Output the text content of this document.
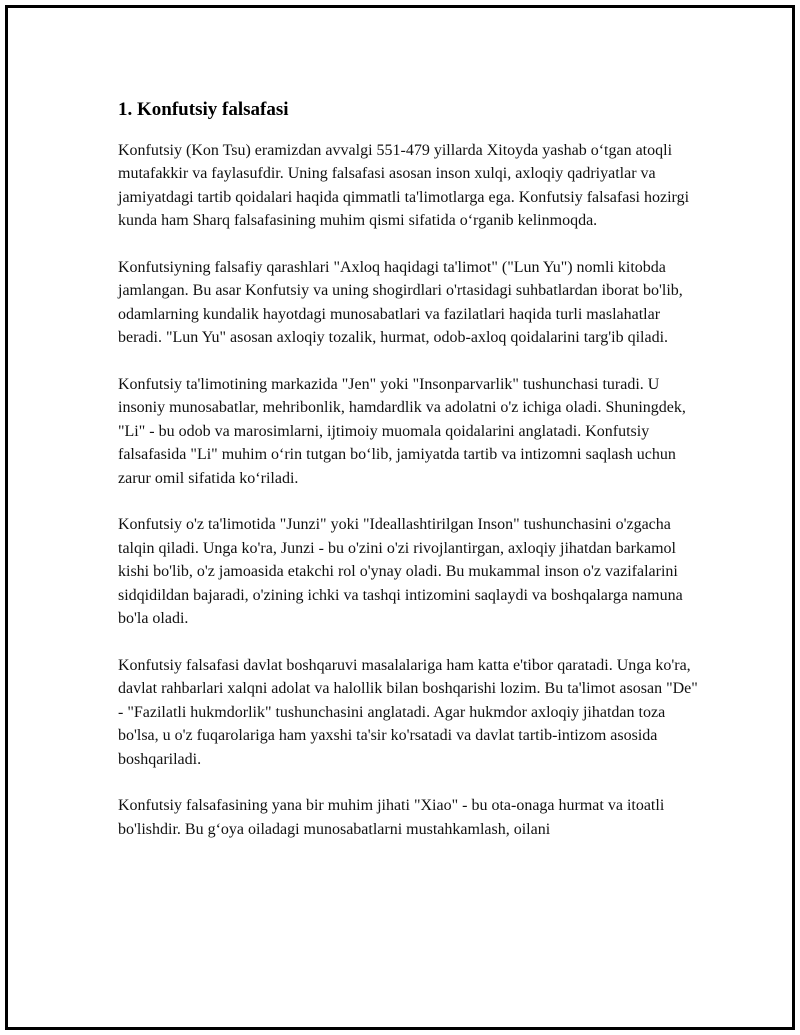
1. Konfutsiy falsafasi

Konfutsiy (Kon Tsu) eramizdan avvalgi 551-479 yillarda Xitoyda yashab o‘tgan atoqli mutafakkir va faylasufdir. Uning falsafasi asosan inson xulqi, axloqiy qadriyatlar va jamiyatdagi tartib qoidalari haqida qimmatli ta'limotlarga ega. Konfutsiy falsafasi hozirgi kunda ham Sharq falsafasining muhim qismi sifatida o‘rganib kelinmoqda.

Konfutsiyning falsafiy qarashlari "Axloq haqidagi ta'limot" ("Lun Yu") nomli kitobda jamlangan. Bu asar Konfutsiy va uning shogirdlari o'rtasidagi suhbatlardan iborat bo'lib, odamlarning kundalik hayotdagi munosabatlari va fazilatlari haqida turli maslahatlar beradi. "Lun Yu" asosan axloqiy tozalik, hurmat, odob-axloq qoidalarini targ'ib qiladi.

Konfutsiy ta'limotining markazida "Jen" yoki "Insonparvarlik" tushunchasi turadi. U insoniy munosabatlar, mehribonlik, hamdardlik va adolatni o'z ichiga oladi. Shuningdek, "Li" - bu odob va marosimlarni, ijtimoiy muomala qoidalarini anglatadi. Konfutsiy falsafasida "Li" muhim o‘rin tutgan bo‘lib, jamiyatda tartib va intizomni saqlash uchun zarur omil sifatida ko‘riladi.

Konfutsiy o'z ta'limotida "Junzi" yoki "Ideallashtirilgan Inson" tushunchasini o'zgacha talqin qiladi. Unga ko'ra, Junzi - bu o'zini o'zi rivojlantirgan, axloqiy jihatdan barkamol kishi bo'lib, o'z jamoasida etakchi rol o'ynay oladi. Bu mukammal inson o'z vazifalarini sidqidildan bajaradi, o'zining ichki va tashqi intizomini saqlaydi va boshqalarga namuna bo'la oladi.

Konfutsiy falsafasi davlat boshqaruvi masalalariga ham katta e'tibor qaratadi. Unga ko'ra, davlat rahbarlari xalqni adolat va halollik bilan boshqarishi lozim. Bu ta'limot asosan "De" - "Fazilatli hukmdorlik" tushunchasini anglatadi. Agar hukmdor axloqiy jihatdan toza bo'lsa, u o'z fuqarolariga ham yaxshi ta'sir ko'rsatadi va davlat tartib-intizom asosida boshqariladi.

Konfutsiy falsafasining yana bir muhim jihati "Xiao" - bu ota-onaga hurmat va itoatli bo'lishdir. Bu g‘oya oiladagi munosabatlarni mustahkamlash, oilani
